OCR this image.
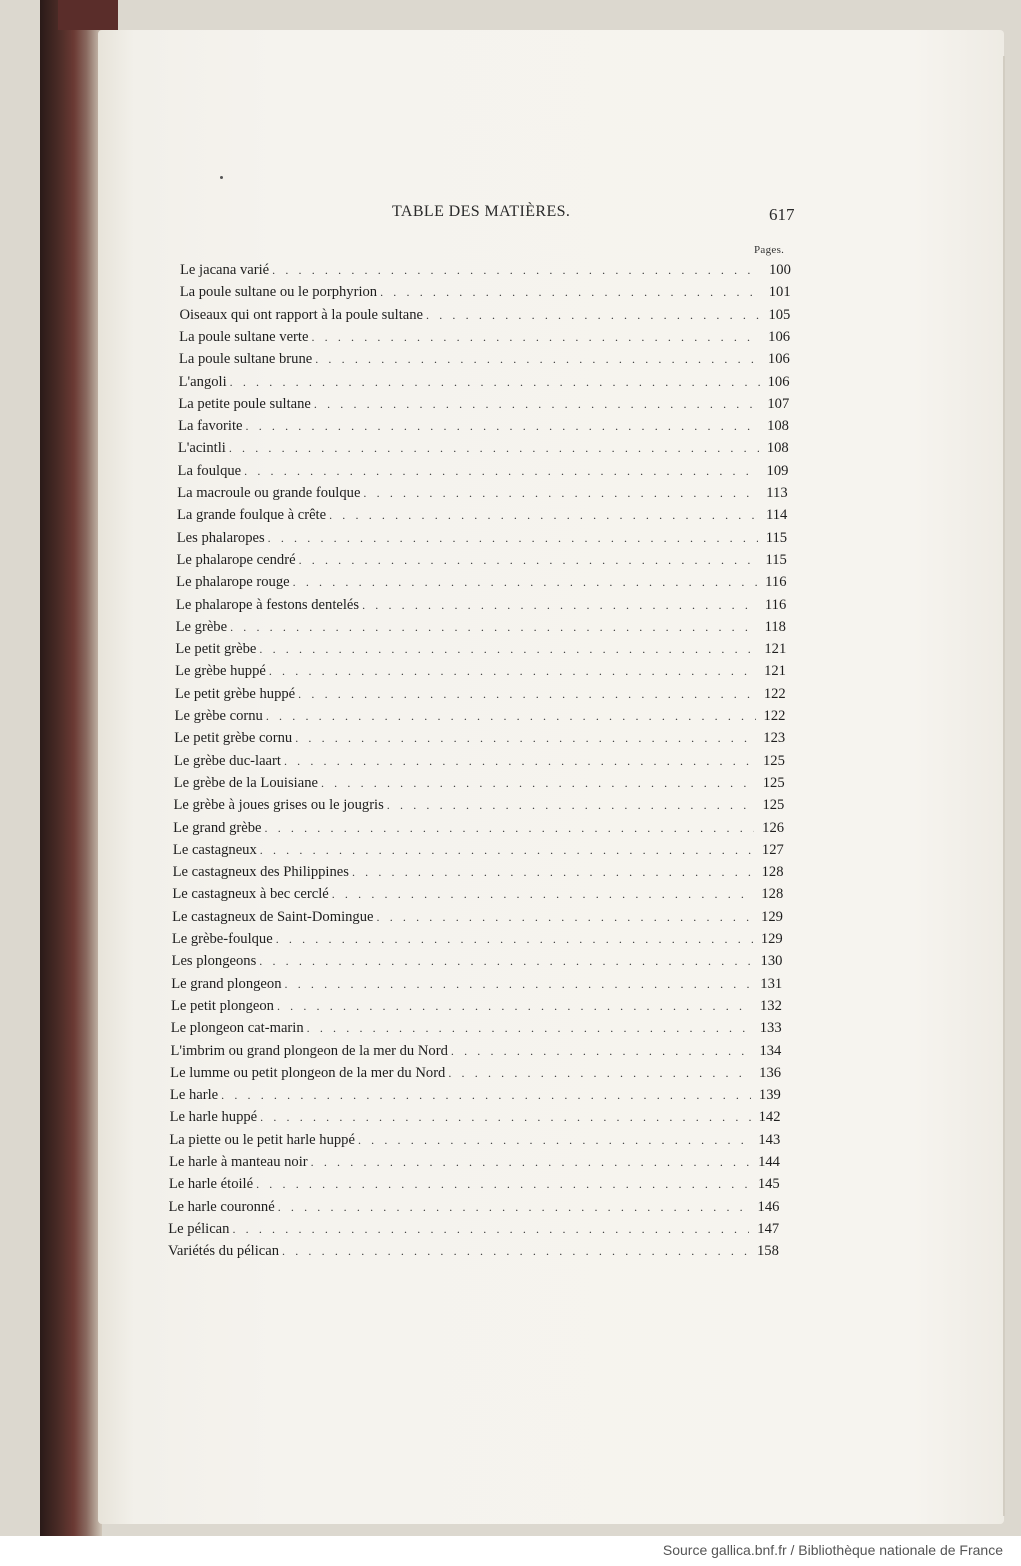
TABLE DES MATIÈRES.	617
Pages.
Le jacana varié . . .	100
La poule sultane ou le porphyrion . . .	101
Oiseaux qui ont rapport à la poule sultane . . .	105
La poule sultane verte . . .	106
La poule sultane brune . . .	106
L'angoli . . .	106
La petite poule sultane . . .	107
La favorite . . .	108
L'acintli . . .	108
La foulque . . .	109
La macroule ou grande foulque . . .	113
La grande foulque à crête . . .	114
Les phalaropes . . .	115
Le phalarope cendré . . .	115
Le phalarope rouge . . .	116
Le phalarope à festons dentelés . . .	116
Le grèbe . . .	118
Le petit grèbe . . .	121
Le grèbe huppé . . .	121
Le petit grèbe huppé . . .	122
Le grèbe cornu . . .	122
Le petit grèbe cornu . . .	123
Le grèbe duc-laart . . .	125
Le grèbe de la Louisiane . . .	125
Le grèbe à joues grises ou le jougris . . .	125
Le grand grèbe . . .	126
Le castagneux . . .	127
Le castagneux des Philippines . . .	128
Le castagneux à bec cerclé . . .	128
Le castagneux de Saint-Domingue . . .	129
Le grèbe-foulque . . .	129
Les plongeons . . .	130
Le grand plongeon . . .	131
Le petit plongeon . . .	132
Le plongeon cat-marin . . .	133
L'imbrim ou grand plongeon de la mer du Nord . . .	134
Le lumme ou petit plongeon de la mer du Nord . . .	136
Le harle . . .	139
Le harle huppé . . .	142
La piette ou le petit harle huppé . . .	143
Le harle à manteau noir . . .	144
Le harle étoilé . . .	145
Le harle couronné . . .	146
Le pélican . . .	147
Variétés du pélican . . .	158
Source gallica.bnf.fr / Bibliothèque nationale de France
